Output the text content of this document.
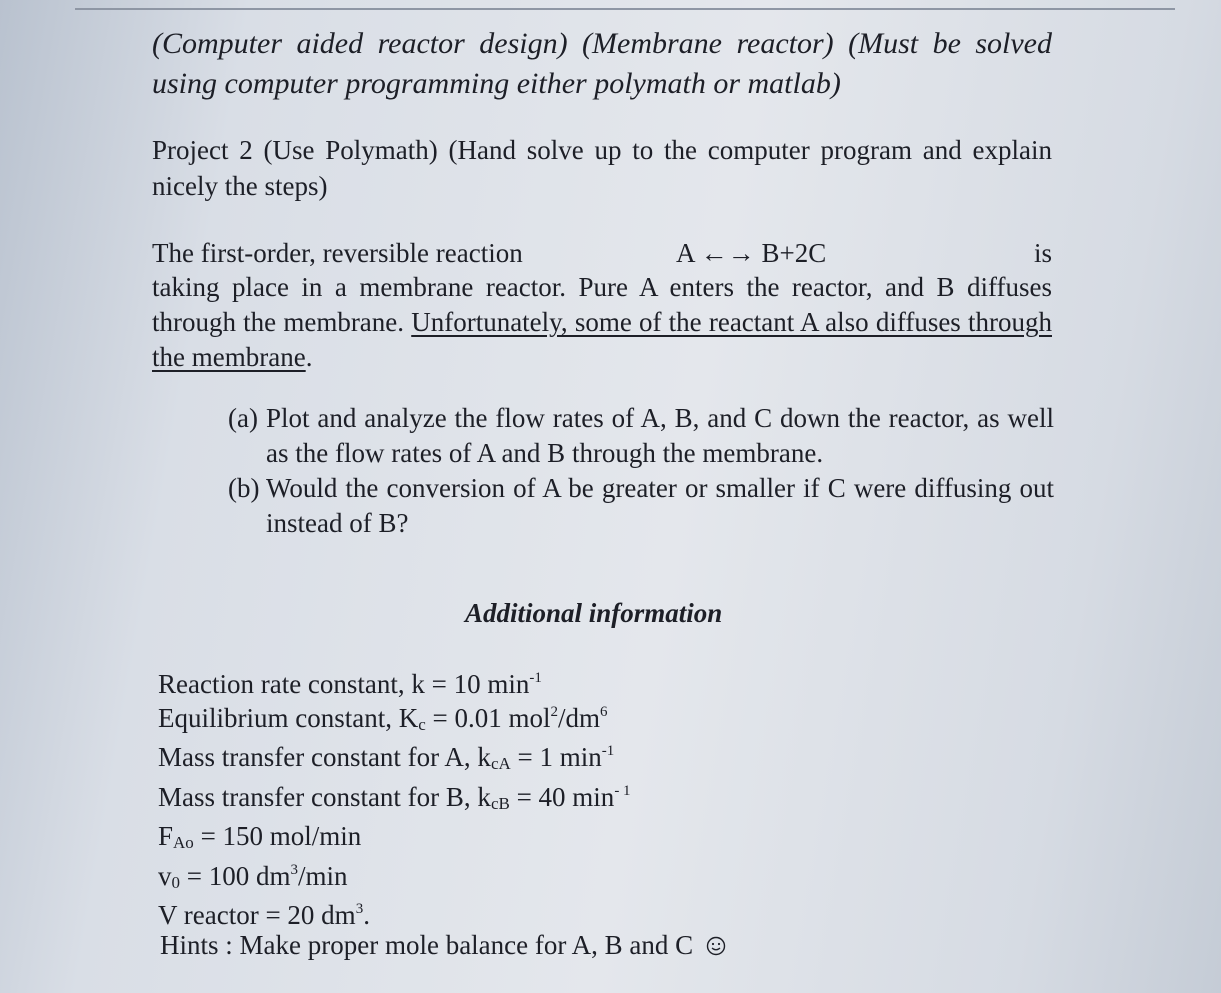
(Computer aided reactor design) (Membrane reactor) (Must be solved using computer programming either polymath or matlab)
Project 2 (Use Polymath) (Hand solve up to the computer program and explain nicely the steps)
The first-order, reversible reaction	A ←→ B+2C	is
taking place in a membrane reactor. Pure A enters the reactor, and B diffuses through the membrane. Unfortunately, some of the reactant A also diffuses through the membrane.
(a) Plot and analyze the flow rates of A, B, and C down the reactor, as well as the flow rates of A and B through the membrane.
(b) Would the conversion of A be greater or smaller if C were diffusing out instead of B?
Additional information
Reaction rate constant, k = 10 $\min^{-1}$
Equilibrium constant, Kc = 0.01 $mol^2/dm^6$
Mass transfer constant for A, kcA = 1 $\min^{-1}$
Mass transfer constant for B, kcB = 40 $\min^{- 1}$
FAo = 150 mol/min
v0 = 100 $dm^3/\min$
V reactor = 20 $dm^3$.
Hints : Make proper mole balance for A, B and C
